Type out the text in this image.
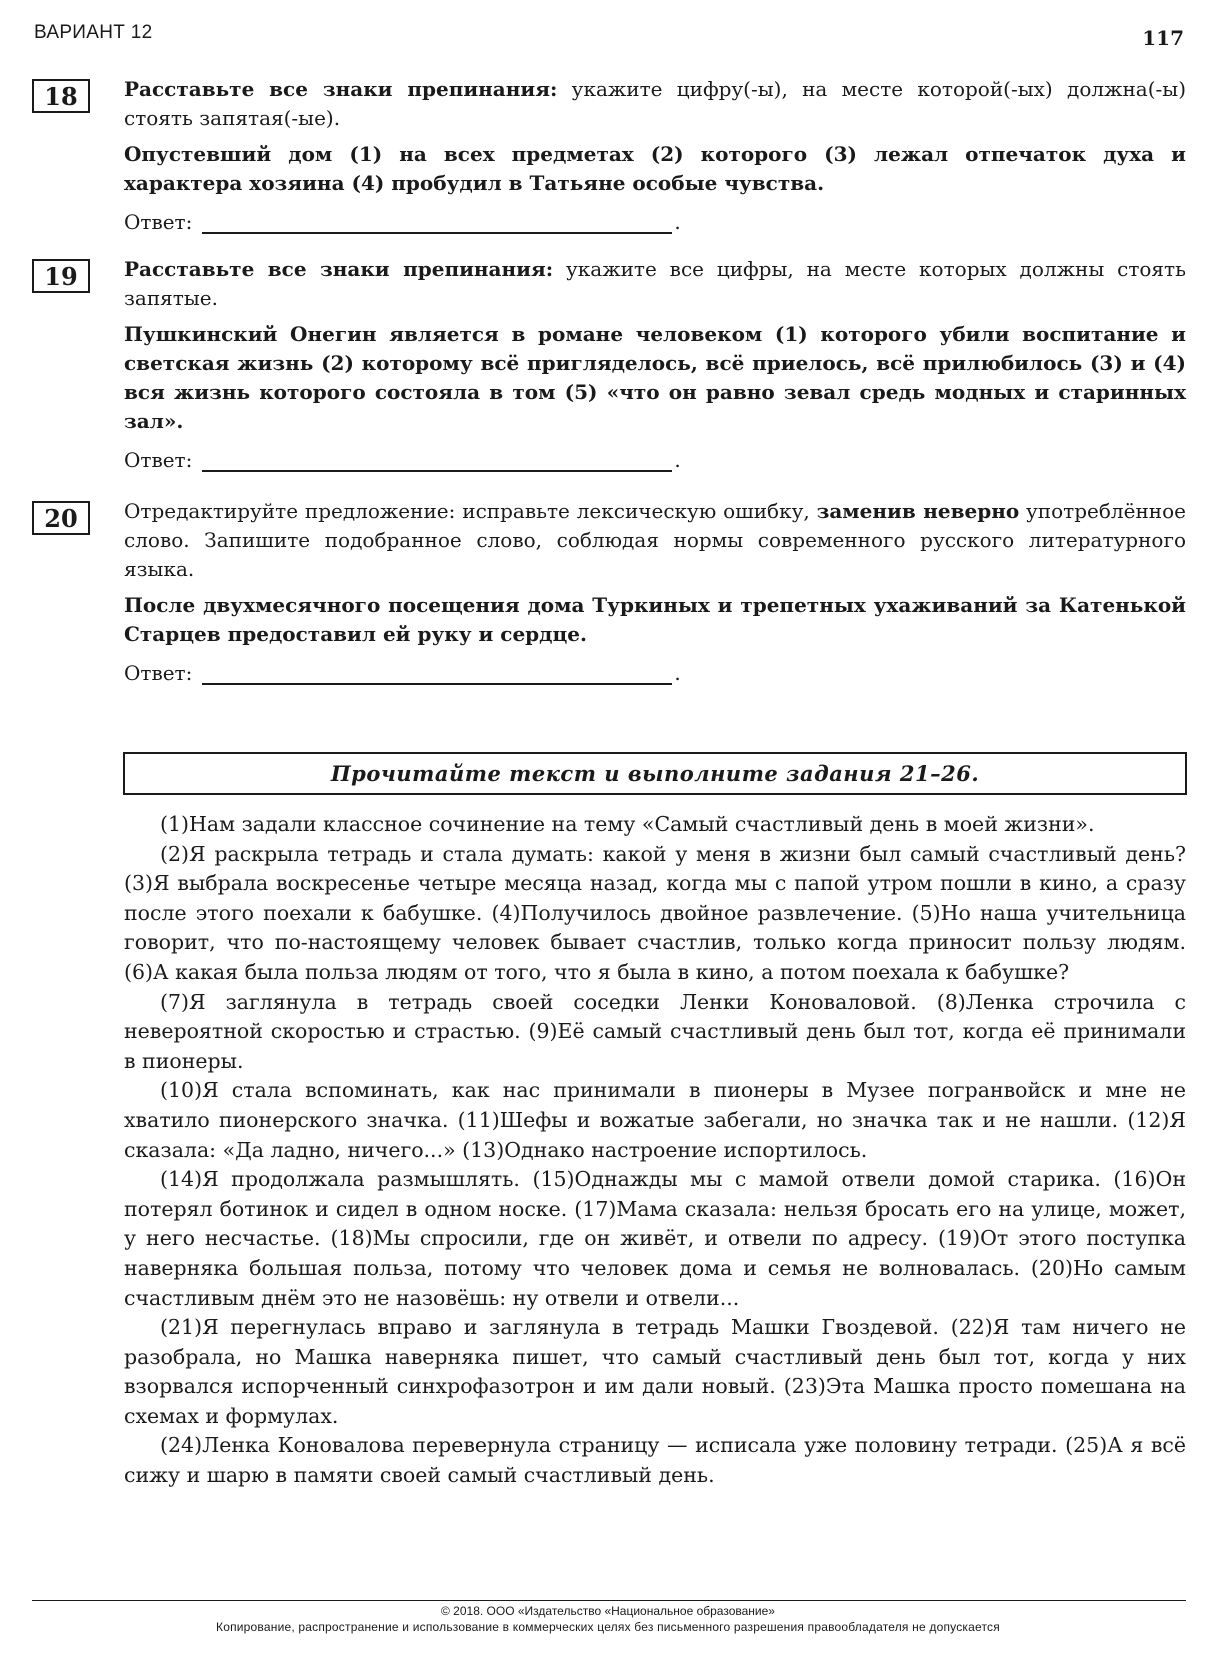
ВАРИАНТ 12	117
18	Расставьте все знаки препинания: укажите цифру(-ы), на месте которой(-ых) должна(-ы) стоять запятая(-ые).

Опустевший дом (1) на всех предметах (2) которого (3) лежал отпечаток духа и характера хозяина (4) пробудил в Татьяне особые чувства.

Ответ:	.
19	Расставьте все знаки препинания: укажите все цифры, на месте которых должны стоять запятые.

Пушкинский Онегин является в романе человеком (1) которого убили воспитание и светская жизнь (2) которому всё пригляделось, всё приелось, всё прилюбилось (3) и (4) вся жизнь которого состояла в том (5) «что он равно зевал средь модных и старинных зал».

Ответ:	.
20	Отредактируйте предложение: исправьте лексическую ошибку, заменив неверно употреблённое слово. Запишите подобранное слово, соблюдая нормы современного русского литературного языка.

После двухмесячного посещения дома Туркиных и трепетных ухаживаний за Катенькой Старцев предоставил ей руку и сердце.

Ответ:	.
Прочитайте текст и выполните задания 21–26.

(1)Нам задали классное сочинение на тему «Самый счастливый день в моей жизни».

(2)Я раскрыла тетрадь и стала думать: какой у меня в жизни был самый счастливый день? (3)Я выбрала воскресенье четыре месяца назад, когда мы с папой утром пошли в кино, а сразу после этого поехали к бабушке. (4)Получилось двойное развлечение. (5)Но наша учительница говорит, что по-настоящему человек бывает счастлив, только когда приносит пользу людям. (6)А какая была польза людям от того, что я была в кино, а потом поехала к бабушке?

(7)Я заглянула в тетрадь своей соседки Ленки Коноваловой. (8)Ленка строчила с невероятной скоростью и страстью. (9)Её самый счастливый день был тот, когда её принимали в пионеры.

(10)Я стала вспоминать, как нас принимали в пионеры в Музее погранвойск и мне не хватило пионерского значка. (11)Шефы и вожатые забегали, но значка так и не нашли. (12)Я сказала: «Да ладно, ничего...» (13)Однако настроение испортилось.

(14)Я продолжала размышлять. (15)Однажды мы с мамой отвели домой старика. (16)Он потерял ботинок и сидел в одном носке. (17)Мама сказала: нельзя бросать его на улице, может, у него несчастье. (18)Мы спросили, где он живёт, и отвели по адресу. (19)От этого поступка наверняка большая польза, потому что человек дома и семья не волновалась. (20)Но самым счастливым днём это не назовёшь: ну отвели и отвели...

(21)Я перегнулась вправо и заглянула в тетрадь Машки Гвоздевой. (22)Я там ничего не разобрала, но Машка наверняка пишет, что самый счастливый день был тот, когда у них взорвался испорченный синхрофазотрон и им дали новый. (23)Эта Машка просто помешана на схемах и формулах.

(24)Ленка Коновалова перевернула страницу — исписала уже половину тетради. (25)А я всё сижу и шарю в памяти своей самый счастливый день.

© 2018. ООО «Издательство «Национальное образование»
Копирование, распространение и использование в коммерческих целях без письменного разрешения правообладателя не допускается
